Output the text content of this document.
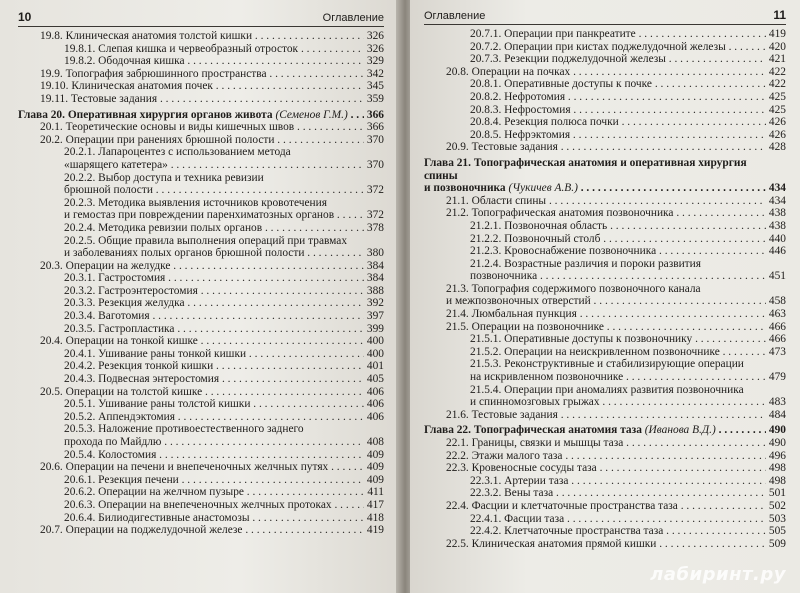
10	Оглавление
19.8. Клиническая анатомия толстой кишки . . .	326
19.8.1. Слепая кишка и червеобразный отросток . . .	326
19.8.2. Ободочная кишка . . .	329
19.9. Топография забрюшинного пространства . . .	342
19.10. Клиническая анатомия почек . . .	345
19.11. Тестовые задания . . .	359
Глава 20. Оперативная хирургия органов живота (Семенов Г.М.) . . .	366
20.1. Теоретические основы и виды кишечных швов . . .	366
20.2. Операции при ранениях брюшной полости . . .	370
20.2.1. Лапароцентез с использованием метода
«шарящего катетера» . . .	370
20.2.2. Выбор доступа и техника ревизии
брюшной полости . . .	372
20.2.3. Методика выявления источников кровотечения
и гемостаз при повреждении паренхиматозных органов . . .	372
20.2.4. Методика ревизии полых органов . . .	378
20.2.5. Общие правила выполнения операций при травмах
и заболеваниях полых органов брюшной полости . . .	380
20.3. Операции на желудке . . .	384
20.3.1. Гастростомия . . .	384
20.3.2. Гастроэнтеростомия . . .	388
20.3.3. Резекция желудка . . .	392
20.3.4. Ваготомия . . .	397
20.3.5. Гастропластика . . .	399
20.4. Операции на тонкой кишке . . .	400
20.4.1. Ушивание раны тонкой кишки . . .	400
20.4.2. Резекция тонкой кишки . . .	401
20.4.3. Подвесная энтеростомия . . .	405
20.5. Операции на толстой кишке . . .	406
20.5.1. Ушивание раны толстой кишки . . .	406
20.5.2. Аппендэктомия . . .	406
20.5.3. Наложение противоестественного заднего
прохода по Майдлю . . .	408
20.5.4. Колостомия . . .	409
20.6. Операции на печени и внепеченочных желчных путях . . .	409
20.6.1. Резекция печени . . .	409
20.6.2. Операции на желчном пузыре . . .	411
20.6.3. Операции на внепеченочных желчных протоках . . .	417
20.6.4. Билиодигестивные анастомозы . . .	418
20.7. Операции на поджелудочной железе . . .	419
Оглавление	11
20.7.1. Операции при панкреатите . . .	419
20.7.2. Операции при кистах поджелудочной железы . . .	420
20.7.3. Резекции поджелудочной железы . . .	421
20.8. Операции на почках . . .	422
20.8.1. Оперативные доступы к почке . . .	422
20.8.2. Нефротомия . . .	425
20.8.3. Нефростомия . . .	425
20.8.4. Резекция полюса почки . . .	426
20.8.5. Нефрэктомия . . .	426
20.9. Тестовые задания . . .	428
Глава 21. Топографическая анатомия и оперативная хирургия спины
и позвоночника (Чукичев А.В.) . . .	434
21.1. Области спины . . .	434
21.2. Топографическая анатомия позвоночника . . .	438
21.2.1. Позвоночная область . . .	438
21.2.2. Позвоночный столб . . .	440
21.2.3. Кровоснабжение позвоночника . . .	446
21.2.4. Возрастные различия и пороки развития
позвоночника . . .	451
21.3. Топография содержимого позвоночного канала
и межпозвоночных отверстий . . .	458
21.4. Люмбальная пункция . . .	463
21.5. Операции на позвоночнике . . .	466
21.5.1. Оперативные доступы к позвоночнику . . .	466
21.5.2. Операции на неискривленном позвоночнике . . .	473
21.5.3. Реконструктивные и стабилизирующие операции
на искривленном позвоночнике . . .	479
21.5.4. Операции при аномалиях развития позвоночника
и спинномозговых грыжах . . .	483
21.6. Тестовые задания . . .	484
Глава 22. Топографическая анатомия таза (Иванова В.Д.) . . .	490
22.1. Границы, связки и мышцы таза . . .	490
22.2. Этажи малого таза . . .	496
22.3. Кровеносные сосуды таза . . .	498
22.3.1. Артерии таза . . .	498
22.3.2. Вены таза . . .	501
22.4. Фасции и клетчаточные пространства таза . . .	502
22.4.1. Фасции таза . . .	503
22.4.2. Клетчаточные пространства таза . . .	505
22.5. Клиническая анатомия прямой кишки . . .	509
лабиринт.ру
